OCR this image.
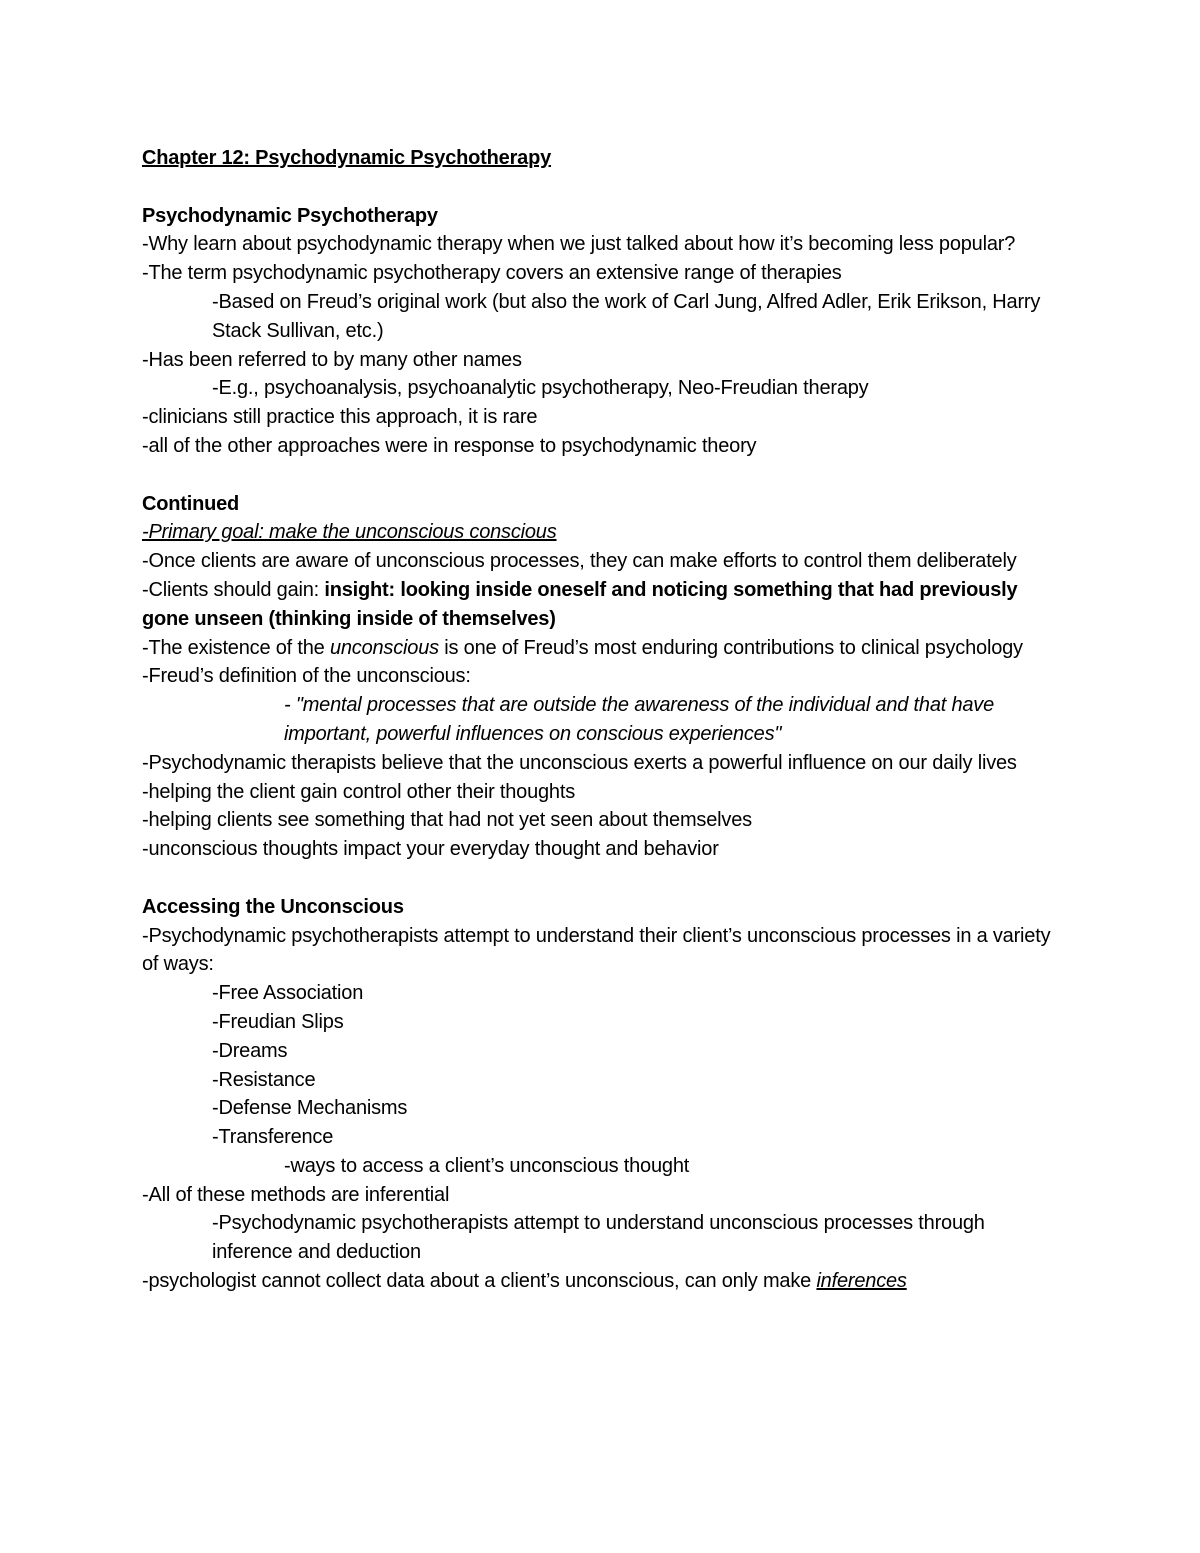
Chapter 12: Psychodynamic Psychotherapy

Psychodynamic Psychotherapy

-Why learn about psychodynamic therapy when we just talked about how it’s becoming less popular?

-The term psychodynamic psychotherapy covers an extensive range of therapies

-Based on Freud’s original work (but also the work of Carl Jung, Alfred Adler, Erik Erikson, Harry Stack Sullivan, etc.)

-Has been referred to by many other names

-E.g., psychoanalysis, psychoanalytic psychotherapy, Neo-Freudian therapy

-clinicians still practice this approach, it is rare

-all of the other approaches were in response to psychodynamic theory

Continued

-Primary goal: make the unconscious conscious

-Once clients are aware of unconscious processes, they can make efforts to control them deliberately

-Clients should gain: insight: looking inside oneself and noticing something that had previously gone unseen (thinking inside of themselves)

-The existence of the unconscious is one of Freud’s most enduring contributions to clinical psychology

-Freud’s definition of the unconscious:

- "mental processes that are outside the awareness of the individual and that have important, powerful influences on conscious experiences"

-Psychodynamic therapists believe that the unconscious exerts a powerful influence on our daily lives

-helping the client gain control other their thoughts

-helping clients see something that had not yet seen about themselves

-unconscious thoughts impact your everyday thought and behavior

Accessing the Unconscious

-Psychodynamic psychotherapists attempt to understand their client’s unconscious processes in a variety of ways:

-Free Association

-Freudian Slips

-Dreams

-Resistance

-Defense Mechanisms

-Transference

-ways to access a client’s unconscious thought

-All of these methods are inferential

-Psychodynamic psychotherapists attempt to understand unconscious processes through inference and deduction

-psychologist cannot collect data about a client’s unconscious, can only make inferences
